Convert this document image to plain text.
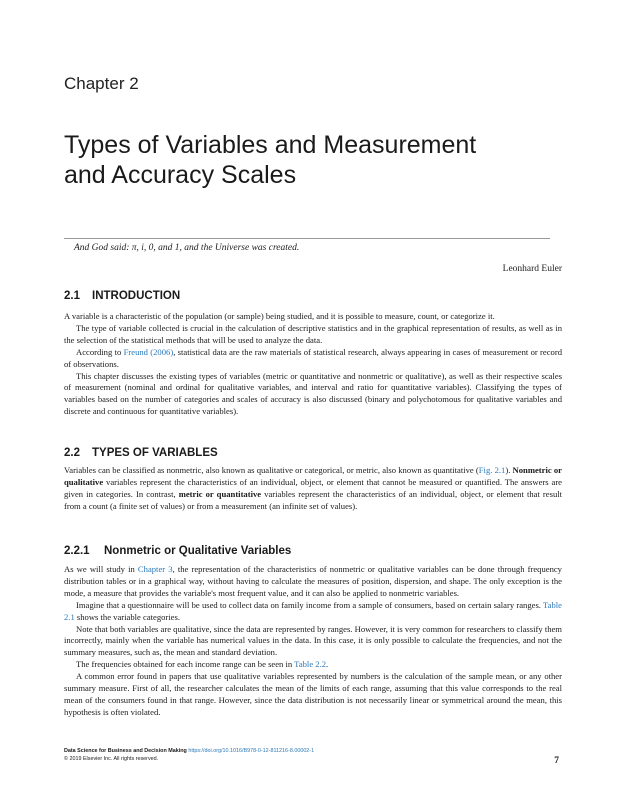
Chapter 2
Types of Variables and Measurement
and Accuracy Scales
And God said: π, i, 0, and 1, and the Universe was created.
Leonhard Euler
2.1 INTRODUCTION

A variable is a characteristic of the population (or sample) being studied, and it is possible to measure, count, or categorize it.

The type of variable collected is crucial in the calculation of descriptive statistics and in the graphical representation of results, as well as in the selection of the statistical methods that will be used to analyze the data.

According to Freund (2006), statistical data are the raw materials of statistical research, always appearing in cases of measurement or record of observations.

This chapter discusses the existing types of variables (metric or quantitative and nonmetric or qualitative), as well as their respective scales of measurement (nominal and ordinal for qualitative variables, and interval and ratio for quantitative variables). Classifying the types of variables based on the number of categories and scales of accuracy is also discussed (binary and polychotomous for qualitative variables and discrete and continuous for quantitative variables).

2.2 TYPES OF VARIABLES

Variables can be classified as nonmetric, also known as qualitative or categorical, or metric, also known as quantitative (Fig. 2.1). Nonmetric or qualitative variables represent the characteristics of an individual, object, or element that cannot be measured or quantified. The answers are given in categories. In contrast, metric or quantitative variables represent the characteristics of an individual, object, or element that result from a count (a finite set of values) or from a measurement (an infinite set of values).

2.2.1 Nonmetric or Qualitative Variables

As we will study in Chapter 3, the representation of the characteristics of nonmetric or qualitative variables can be done through frequency distribution tables or in a graphical way, without having to calculate the measures of position, dispersion, and shape. The only exception is the mode, a measure that provides the variable's most frequent value, and it can also be applied to nonmetric variables.

Imagine that a questionnaire will be used to collect data on family income from a sample of consumers, based on certain salary ranges. Table 2.1 shows the variable categories.

Note that both variables are qualitative, since the data are represented by ranges. However, it is very common for researchers to classify them incorrectly, mainly when the variable has numerical values in the data. In this case, it is only possible to calculate the frequencies, and not the summary measures, such as, the mean and standard deviation.

The frequencies obtained for each income range can be seen in Table 2.2.

A common error found in papers that use qualitative variables represented by numbers is the calculation of the sample mean, or any other summary measure. First of all, the researcher calculates the mean of the limits of each range, assuming that this value corresponds to the real mean of the consumers found in that range. However, since the data distribution is not necessarily linear or symmetrical around the mean, this hypothesis is often violated.

Data Science for Business and Decision Making https://doi.org/10.1016/B978-0-12-811216-8.00002-1
© 2019 Elsevier Inc. All rights reserved.	7
